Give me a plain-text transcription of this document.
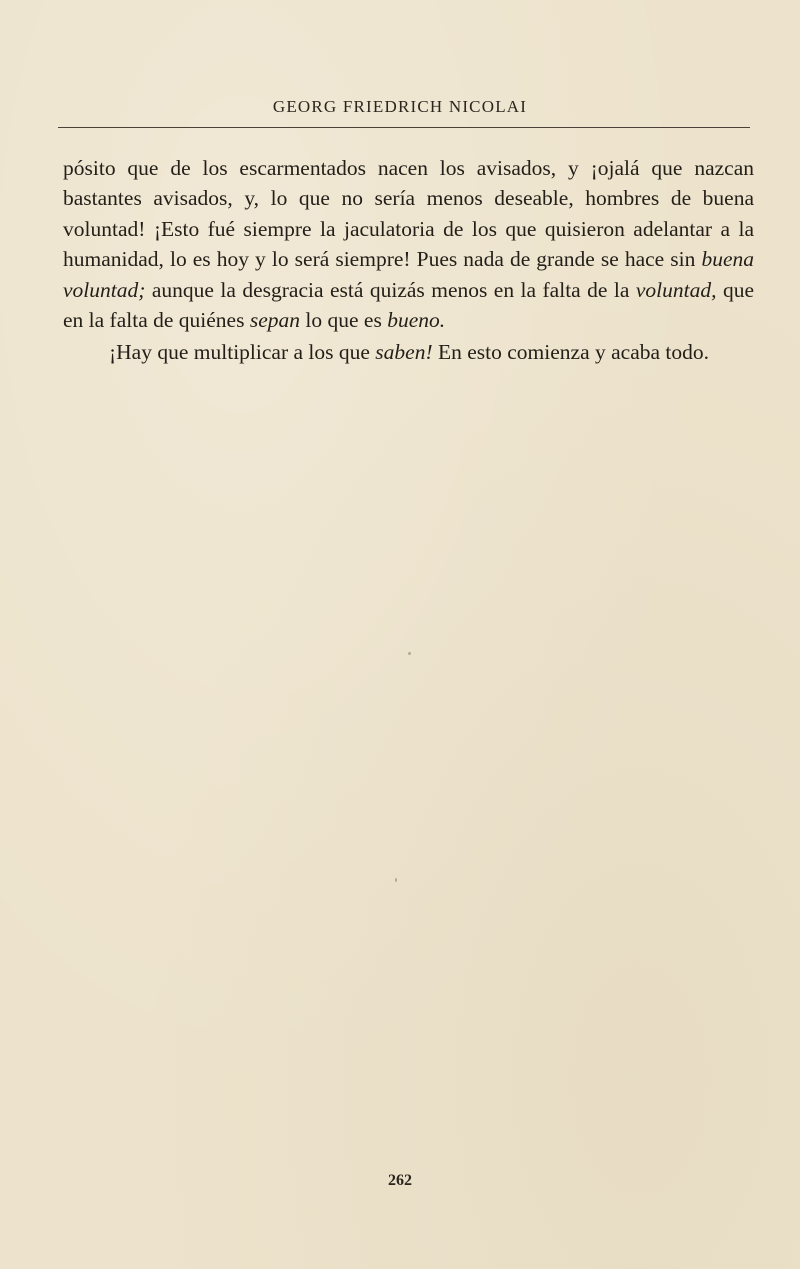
GEORG FRIEDRICH NICOLAI

pósito que de los escarmentados nacen los avisados, y ¡ojalá que nazcan bastantes avisados, y, lo que no sería menos deseable, hombres de buena voluntad! ¡Esto fué siempre la jaculatoria de los que quisieron adelantar a la humanidad, lo es hoy y lo será siempre! Pues nada de grande se hace sin buena voluntad; aunque la desgracia está quizás menos en la falta de la voluntad, que en la falta de quiénes sepan lo que es bueno.

¡Hay que multiplicar a los que saben! En esto comienza y acaba todo.

262
